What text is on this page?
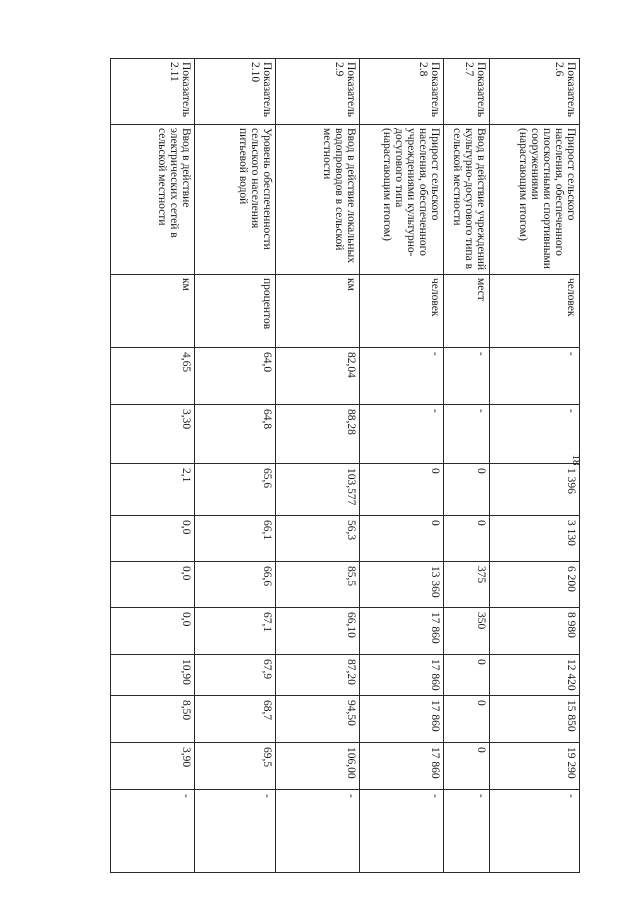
18
Показатель 2.6	Прирост сельского населения, обеспеченного плоскостными спортивными сооружениями (нарастающим итогом)	человек	-	-	1 396	3 130	6 200	8 980	12 420	15 850	19 290	-
Показатель 2.7	Ввод в действие учреждений культурно-досугового типа в сельской местности	мест	-	-	0	0	375	350	0	0	0	-
Показатель 2.8	Прирост сельского населения, обеспеченного учреждениями культурно-досугового типа (нарастающим итогом)	человек	-	-	0	0	13 360	17 860	17 860	17 860	17 860	-
Показатель 2.9	Ввод в действие локальных водопроводов в сельской местности	км	82,04	88,28	103,577	56,3	85,5	66,10	87,20	94,50	106,00	-
Показатель 2.10	Уровень обеспеченности сельского населения питьевой водой	процентов	64,0	64,8	65,6	66,1	66,6	67,1	67,9	68,7	69,5	-
Показатель 2.11	Ввод в действие электрических сетей в сельской местности	км	4,65	3,30	2,1	0,0	0,0	0,0	10,90	8,50	3,90	-
